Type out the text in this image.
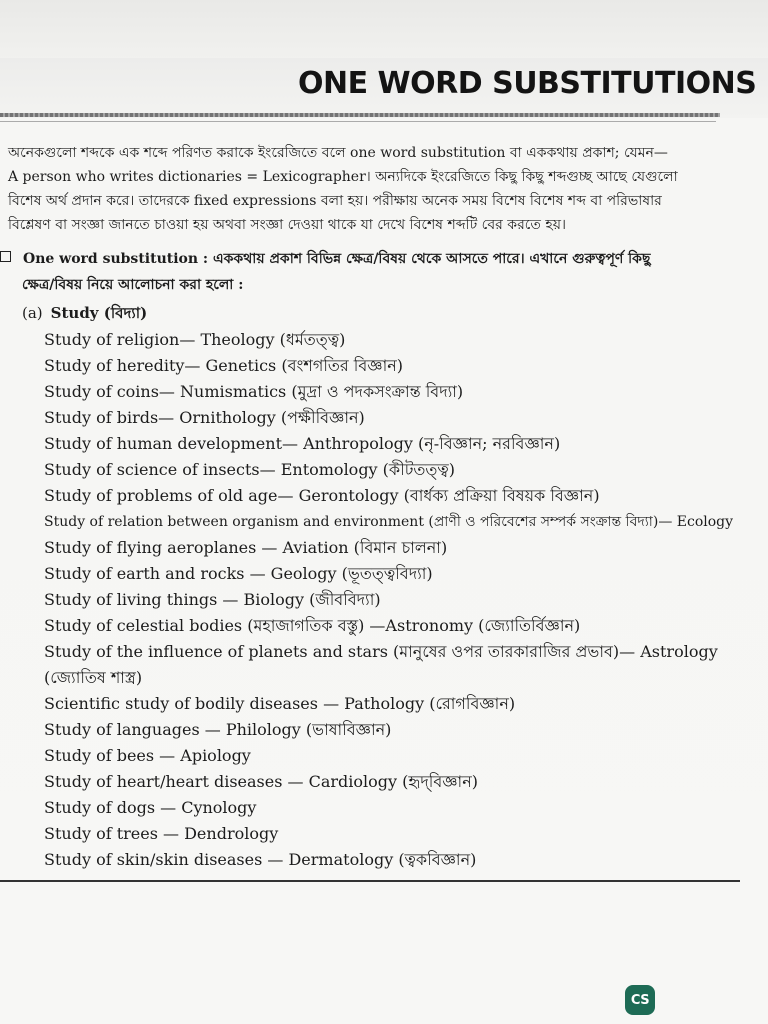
ONE WORD SUBSTITUTIONS

অনেকগুলো শব্দকে এক শব্দে পরিণত করাকে ইংরেজিতে বলে one word substitution বা এককথায় প্রকাশ; যেমন—

A person who writes dictionaries = Lexicographer। অন্যদিকে ইংরেজিতে কিছু কিছু শব্দগুচ্ছ আছে যেগুলো

বিশেষ অর্থ প্রদান করে। তাদেরকে fixed expressions বলা হয়। পরীক্ষায় অনেক সময় বিশেষ বিশেষ শব্দ বা পরিভাষার

বিশ্লেষণ বা সংজ্ঞা জানতে চাওয়া হয় অথবা সংজ্ঞা দেওয়া থাকে যা দেখে বিশেষ শব্দটি বের করতে হয়।

One word substitution : এককথায় প্রকাশ বিভিন্ন ক্ষেত্র/বিষয় থেকে আসতে পারে। এখানে গুরুত্বপূর্ণ কিছু
ক্ষেত্র/বিষয় নিয়ে আলোচনা করা হলো :
(a) Study (বিদ্যা)
Study of religion— Theology (ধর্মতত্ত্ব)
Study of heredity— Genetics (বংশগতির বিজ্ঞান)
Study of coins— Numismatics (মুদ্রা ও পদকসংক্রান্ত বিদ্যা)
Study of birds— Ornithology (পক্ষীবিজ্ঞান)
Study of human development— Anthropology (নৃ-বিজ্ঞান; নরবিজ্ঞান)
Study of science of insects— Entomology (কীটতত্ত্ব)
Study of problems of old age— Gerontology (বার্ধক্য প্রক্রিয়া বিষয়ক বিজ্ঞান)
Study of relation between organism and environment (প্রাণী ও পরিবেশের সম্পর্ক সংক্রান্ত বিদ্যা)— Ecology
Study of flying aeroplanes — Aviation (বিমান চালনা)
Study of earth and rocks — Geology (ভূতত্ত্ববিদ্যা)
Study of living things — Biology (জীববিদ্যা)
Study of celestial bodies (মহাজাগতিক বস্তু) —Astronomy (জ্যোতির্বিজ্ঞান)
Study of the influence of planets and stars (মানুষের ওপর তারকারাজির প্রভাব)— Astrology (জ্যোতিষ শাস্ত্র)
Scientific study of bodily diseases — Pathology (রোগবিজ্ঞান)
Study of languages — Philology (ভাষাবিজ্ঞান)
Study of bees — Apiology
Study of heart/heart diseases — Cardiology (হৃদ্‌বিজ্ঞান)
Study of dogs — Cynology
Study of trees — Dendrology
Study of skin/skin diseases — Dermatology (ত্বকবিজ্ঞান)
CS
